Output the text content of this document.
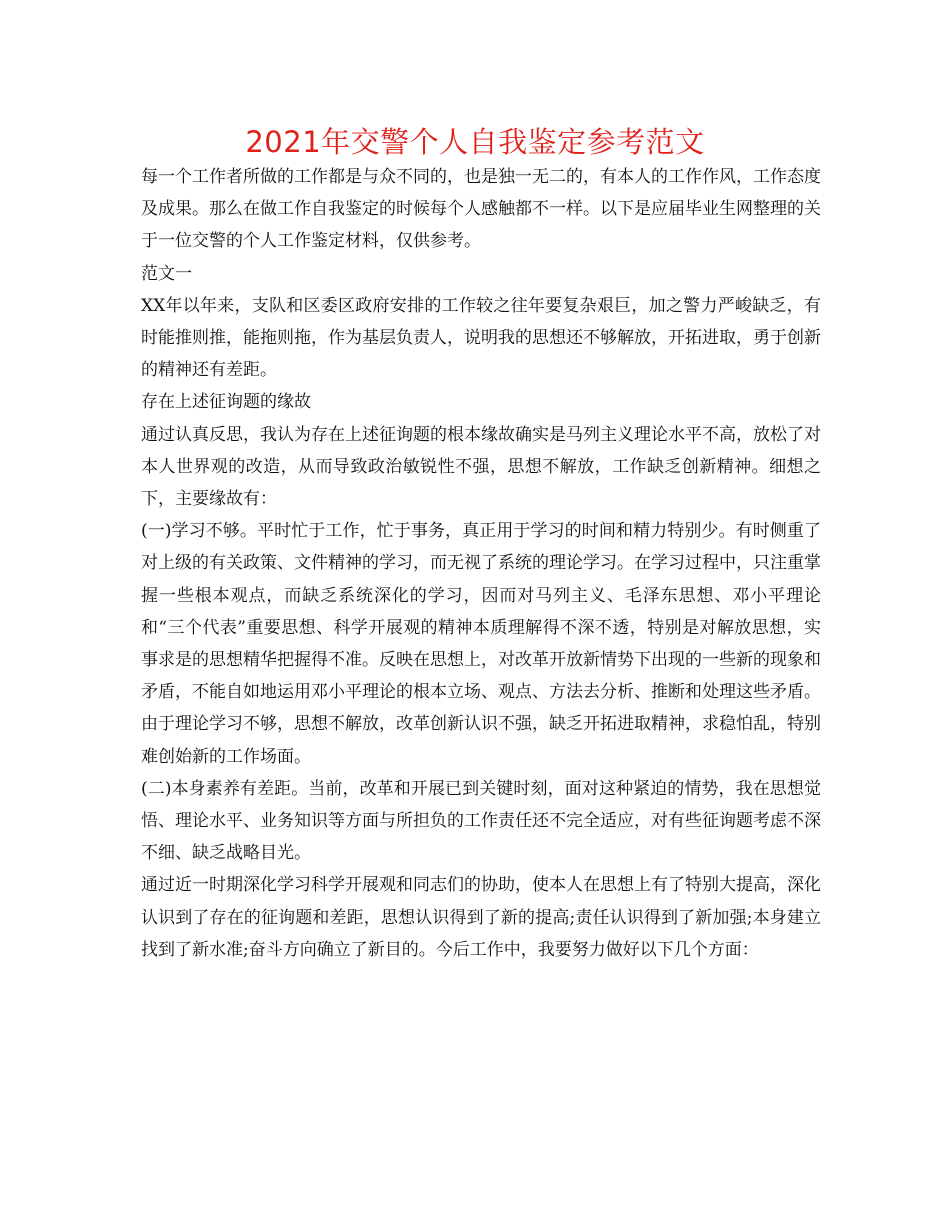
2021年交警个人自我鉴定参考范文

每一个工作者所做的工作都是与众不同的，也是独一无二的，有本人的工作作风，工作态度及成果。那么在做工作自我鉴定的时候每个人感触都不一样。以下是应届毕业生网整理的关于一位交警的个人工作鉴定材料，仅供参考。

范文一

XX年以年来，支队和区委区政府安排的工作较之往年要复杂艰巨，加之警力严峻缺乏，有时能推则推，能拖则拖，作为基层负责人，说明我的思想还不够解放，开拓进取，勇于创新的精神还有差距。

存在上述征询题的缘故

通过认真反思，我认为存在上述征询题的根本缘故确实是马列主义理论水平不高，放松了对本人世界观的改造，从而导致政治敏锐性不强，思想不解放，工作缺乏创新精神。细想之下，主要缘故有：

(一)学习不够。平时忙于工作，忙于事务，真正用于学习的时间和精力特别少。有时侧重了对上级的有关政策、文件精神的学习，而无视了系统的理论学习。在学习过程中，只注重掌握一些根本观点，而缺乏系统深化的学习，因而对马列主义、毛泽东思想、邓小平理论和“三个代表”重要思想、科学开展观的精神本质理解得不深不透，特别是对解放思想，实事求是的思想精华把握得不准。反映在思想上，对改革开放新情势下出现的一些新的现象和矛盾，不能自如地运用邓小平理论的根本立场、观点、方法去分析、推断和处理这些矛盾。由于理论学习不够，思想不解放，改革创新认识不强，缺乏开拓进取精神，求稳怕乱，特别难创始新的工作场面。

(二)本身素养有差距。当前，改革和开展已到关键时刻，面对这种紧迫的情势，我在思想觉悟、理论水平、业务知识等方面与所担负的工作责任还不完全适应，对有些征询题考虑不深不细、缺乏战略目光。

通过近一时期深化学习科学开展观和同志们的协助，使本人在思想上有了特别大提高，深化认识到了存在的征询题和差距，思想认识得到了新的提高;责任认识得到了新加强;本身建立找到了新水准;奋斗方向确立了新目的。今后工作中，我要努力做好以下几个方面：
